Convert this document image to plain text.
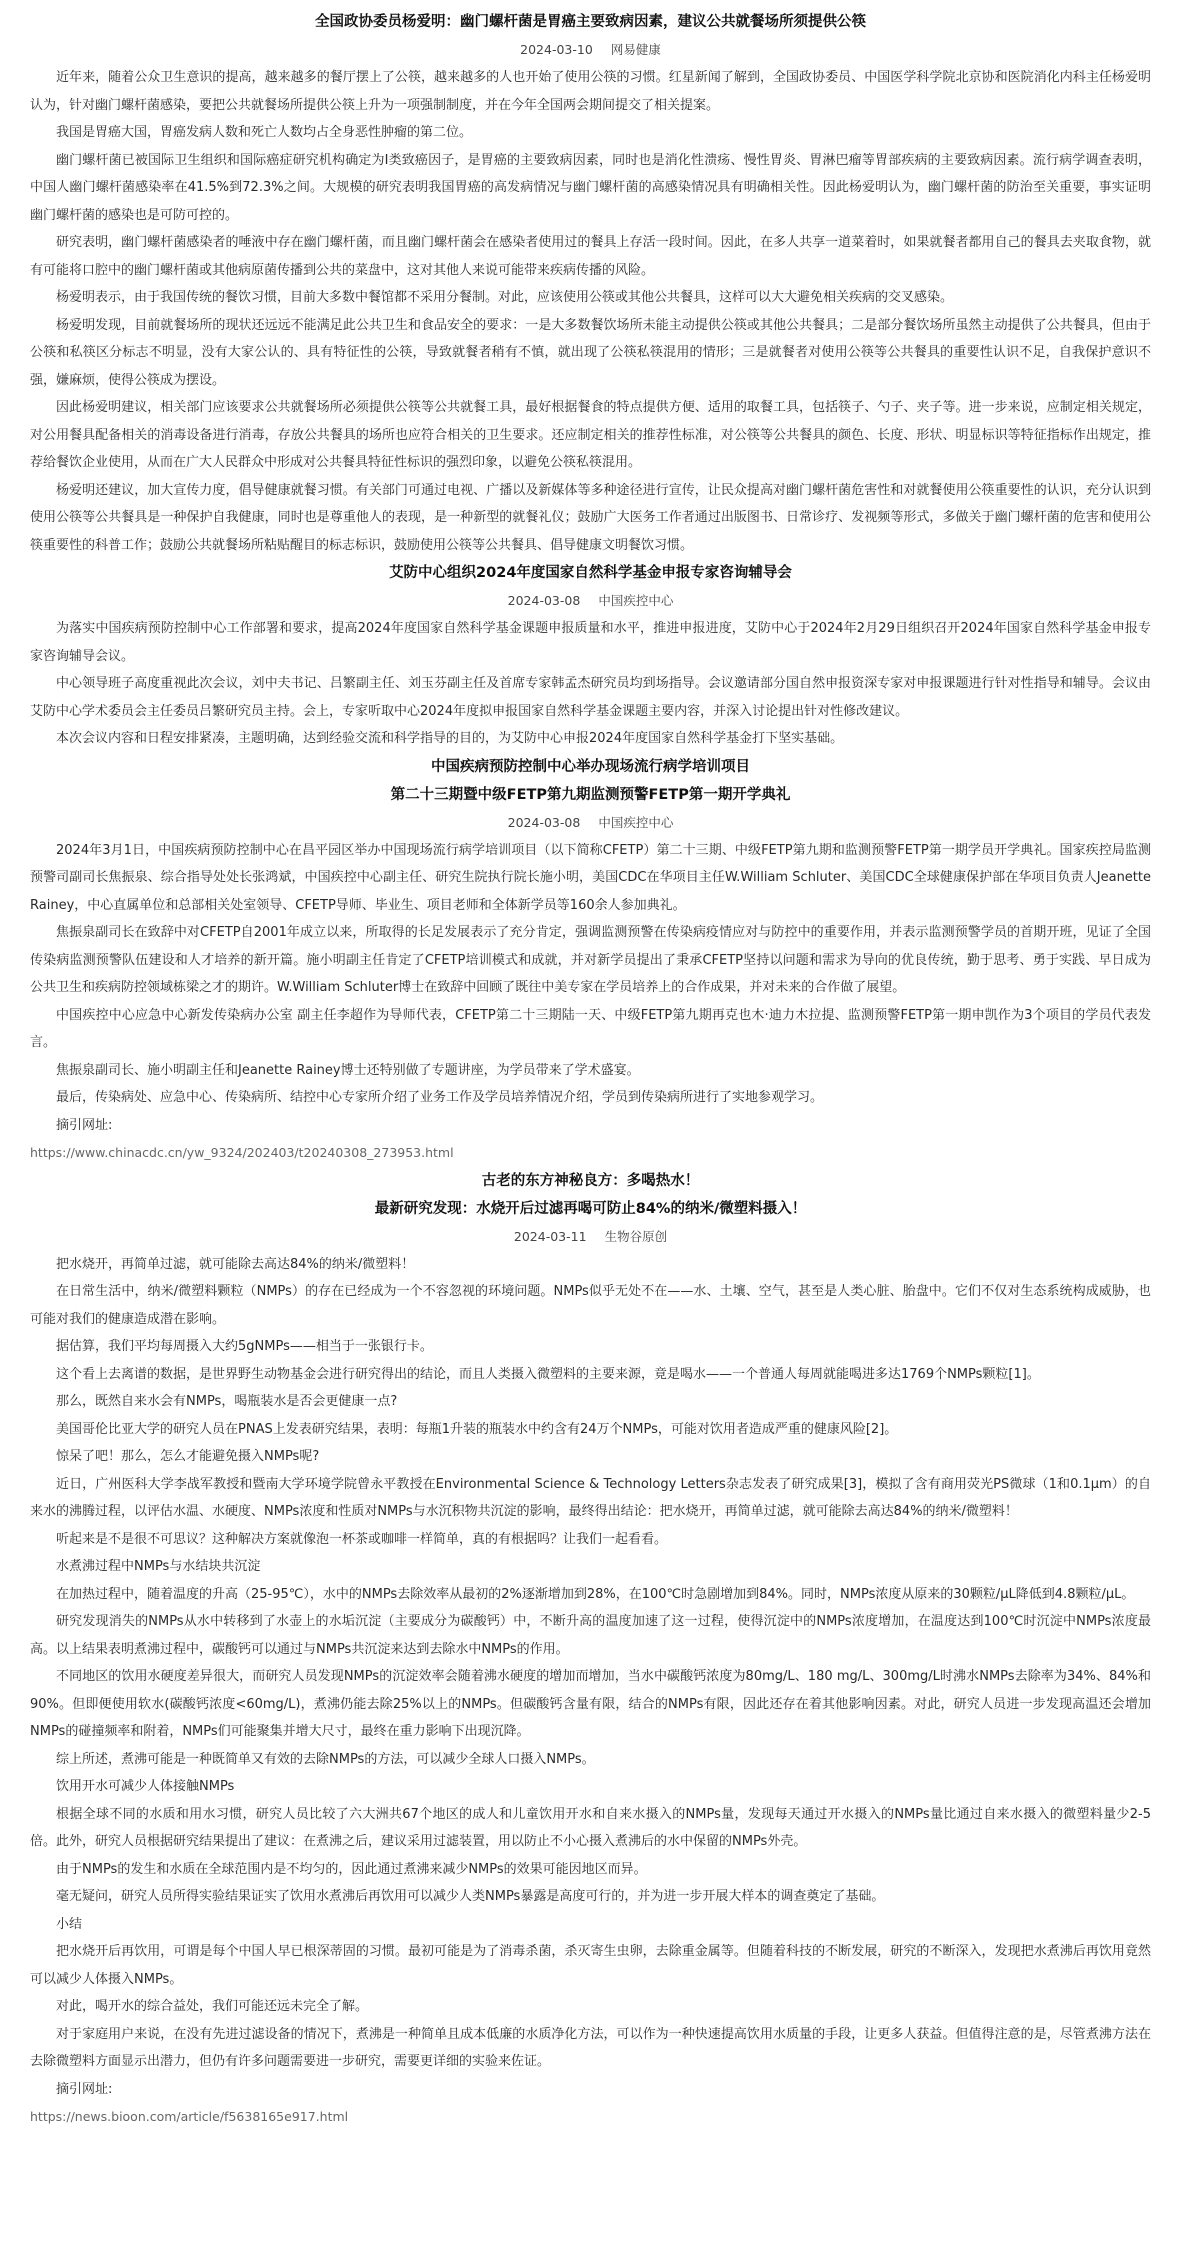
全国政协委员杨爱明：幽门螺杆菌是胃癌主要致病因素，建议公共就餐场所须提供公筷
2024-03-10 网易健康

近年来，随着公众卫生意识的提高，越来越多的餐厅摆上了公筷，越来越多的人也开始了使用公筷的习惯。红星新闻了解到，全国政协委员、中国医学科学院北京协和医院消化内科主任杨爱明认为，针对幽门螺杆菌感染，要把公共就餐场所提供公筷上升为一项强制制度，并在今年全国两会期间提交了相关提案。

我国是胃癌大国，胃癌发病人数和死亡人数均占全身恶性肿瘤的第二位。

幽门螺杆菌已被国际卫生组织和国际癌症研究机构确定为Ⅰ类致癌因子，是胃癌的主要致病因素，同时也是消化性溃疡、慢性胃炎、胃淋巴瘤等胃部疾病的主要致病因素。流行病学调查表明，中国人幽门螺杆菌感染率在41.5%到72.3%之间。大规模的研究表明我国胃癌的高发病情况与幽门螺杆菌的高感染情况具有明确相关性。因此杨爱明认为，幽门螺杆菌的防治至关重要，事实证明幽门螺杆菌的感染也是可防可控的。

研究表明，幽门螺杆菌感染者的唾液中存在幽门螺杆菌，而且幽门螺杆菌会在感染者使用过的餐具上存活一段时间。因此，在多人共享一道菜着时，如果就餐者都用自己的餐具去夹取食物，就有可能将口腔中的幽门螺杆菌或其他病原菌传播到公共的菜盘中，这对其他人来说可能带来疾病传播的风险。

杨爱明表示，由于我国传统的餐饮习惯，目前大多数中餐馆都不采用分餐制。对此，应该使用公筷或其他公共餐具，这样可以大大避免相关疾病的交叉感染。

杨爱明发现，目前就餐场所的现状还远远不能满足此公共卫生和食品安全的要求：一是大多数餐饮场所未能主动提供公筷或其他公共餐具；二是部分餐饮场所虽然主动提供了公共餐具，但由于公筷和私筷区分标志不明显，没有大家公认的、具有特征性的公筷，导致就餐者稍有不慎，就出现了公筷私筷混用的情形；三是就餐者对使用公筷等公共餐具的重要性认识不足，自我保护意识不强，嫌麻烦，使得公筷成为摆设。

因此杨爱明建议，相关部门应该要求公共就餐场所必须提供公筷等公共就餐工具，最好根据餐食的特点提供方便、适用的取餐工具，包括筷子、勺子、夹子等。进一步来说，应制定相关规定，对公用餐具配备相关的消毒设备进行消毒，存放公共餐具的场所也应符合相关的卫生要求。还应制定相关的推荐性标准，对公筷等公共餐具的颜色、长度、形状、明显标识等特征指标作出规定，推荐给餐饮企业使用，从而在广大人民群众中形成对公共餐具特征性标识的强烈印象，以避免公筷私筷混用。

杨爱明还建议，加大宣传力度，倡导健康就餐习惯。有关部门可通过电视、广播以及新媒体等多种途径进行宣传，让民众提高对幽门螺杆菌危害性和对就餐使用公筷重要性的认识，充分认识到使用公筷等公共餐具是一种保护自我健康，同时也是尊重他人的表现，是一种新型的就餐礼仪；鼓励广大医务工作者通过出版图书、日常诊疗、发视频等形式，多做关于幽门螺杆菌的危害和使用公筷重要性的科普工作；鼓励公共就餐场所粘贴醒目的标志标识，鼓励使用公筷等公共餐具、倡导健康文明餐饮习惯。

艾防中心组织2024年度国家自然科学基金申报专家咨询辅导会
2024-03-08 中国疾控中心

为落实中国疾病预防控制中心工作部署和要求，提高2024年度国家自然科学基金课题申报质量和水平，推进申报进度，艾防中心于2024年2月29日组织召开2024年国家自然科学基金申报专家咨询辅导会议。

中心领导班子高度重视此次会议，刘中夫书记、吕繁副主任、刘玉芬副主任及首席专家韩孟杰研究员均到场指导。会议邀请部分国自然申报资深专家对申报课题进行针对性指导和辅导。会议由艾防中心学术委员会主任委员吕繁研究员主持。会上，专家听取中心2024年度拟申报国家自然科学基金课题主要内容，并深入讨论提出针对性修改建议。

本次会议内容和日程安排紧凑，主题明确，达到经验交流和科学指导的目的，为艾防中心申报2024年度国家自然科学基金打下坚实基础。

中国疾病预防控制中心举办现场流行病学培训项目
第二十三期暨中级FETP第九期监测预警FETP第一期开学典礼
2024-03-08 中国疾控中心

2024年3月1日，中国疾病预防控制中心在昌平园区举办中国现场流行病学培训项目（以下简称CFETP）第二十三期、中级FETP第九期和监测预警FETP第一期学员开学典礼。国家疾控局监测预警司副司长焦振泉、综合指导处处长张鸿斌，中国疾控中心副主任、研究生院执行院长施小明，美国CDC在华项目主任W.William Schluter、美国CDC全球健康保护部在华项目负责人Jeanette Rainey，中心直属单位和总部相关处室领导、CFETP导师、毕业生、项目老师和全体新学员等160余人参加典礼。

焦振泉副司长在致辞中对CFETP自2001年成立以来，所取得的长足发展表示了充分肯定，强调监测预警在传染病疫情应对与防控中的重要作用，并表示监测预警学员的首期开班，见证了全国传染病监测预警队伍建设和人才培养的新开篇。施小明副主任肯定了CFETP培训模式和成就，并对新学员提出了秉承CFETP坚持以问题和需求为导向的优良传统，勤于思考、勇于实践、早日成为公共卫生和疾病防控领域栋梁之才的期许。W.William Schluter博士在致辞中回顾了既往中美专家在学员培养上的合作成果，并对未来的合作做了展望。

中国疾控中心应急中心新发传染病办公室 副主任李超作为导师代表，CFETP第二十三期陆一天、中级FETP第九期再克也木·迪力木拉提、监测预警FETP第一期申凯作为3个项目的学员代表发言。

焦振泉副司长、施小明副主任和Jeanette Rainey博士还特别做了专题讲座，为学员带来了学术盛宴。

最后，传染病处、应急中心、传染病所、结控中心专家所介绍了业务工作及学员培养情况介绍，学员到传染病所进行了实地参观学习。

摘引网址:

https://www.chinacdc.cn/yw_9324/202403/t20240308_273953.html
古老的东方神秘良方：多喝热水！
最新研究发现：水烧开后过滤再喝可防止84%的纳米/微塑料摄入！
2024-03-11 生物谷原创

把水烧开，再简单过滤，就可能除去高达84%的纳米/微塑料！

在日常生活中，纳米/微塑料颗粒（NMPs）的存在已经成为一个不容忽视的环境问题。NMPs似乎无处不在——水、土壤、空气，甚至是人类心脏、胎盘中。它们不仅对生态系统构成威胁，也可能对我们的健康造成潜在影响。

据估算，我们平均每周摄入大约5gNMPs——相当于一张银行卡。

这个看上去离谱的数据，是世界野生动物基金会进行研究得出的结论，而且人类摄入微塑料的主要来源，竟是喝水——一个普通人每周就能喝进多达1769个NMPs颗粒[1]。

那么，既然自来水会有NMPs，喝瓶装水是否会更健康一点?

美国哥伦比亚大学的研究人员在PNAS上发表研究结果，表明：每瓶1升装的瓶装水中约含有24万个NMPs，可能对饮用者造成严重的健康风险[2]。

惊呆了吧！那么，怎么才能避免摄入NMPs呢?

近日，广州医科大学李战军教授和暨南大学环境学院曾永平教授在Environmental Science & Technology Letters杂志发表了研究成果[3]，模拟了含有商用荧光PS微球（1和0.1μm）的自来水的沸腾过程，以评估水温、水硬度、NMPs浓度和性质对NMPs与水沉积物共沉淀的影响，最终得出结论：把水烧开，再简单过滤，就可能除去高达84%的纳米/微塑料！

听起来是不是很不可思议？这种解决方案就像泡一杯茶或咖啡一样简单，真的有根据吗？让我们一起看看。

水煮沸过程中NMPs与水结块共沉淀

在加热过程中，随着温度的升高（25-95℃），水中的NMPs去除效率从最初的2%逐渐增加到28%，在100℃时急剧增加到84%。同时，NMPs浓度从原来的30颗粒/μL降低到4.8颗粒/μL。

研究发现消失的NMPs从水中转移到了水壶上的水垢沉淀（主要成分为碳酸钙）中，不断升高的温度加速了这一过程，使得沉淀中的NMPs浓度增加，在温度达到100℃时沉淀中NMPs浓度最高。以上结果表明煮沸过程中，碳酸钙可以通过与NMPs共沉淀来达到去除水中NMPs的作用。

不同地区的饮用水硬度差异很大，而研究人员发现NMPs的沉淀效率会随着沸水硬度的增加而增加，当水中碳酸钙浓度为80mg/L、180 mg/L、300mg/L时沸水NMPs去除率为34%、84%和90%。但即便使用软水(碳酸钙浓度<60mg/L)，煮沸仍能去除25%以上的NMPs。但碳酸钙含量有限，结合的NMPs有限，因此还存在着其他影响因素。对此，研究人员进一步发现高温还会增加NMPs的碰撞频率和附着，NMPs们可能聚集并增大尺寸，最终在重力影响下出现沉降。

综上所述，煮沸可能是一种既简单又有效的去除NMPs的方法，可以减少全球人口摄入NMPs。

饮用开水可减少人体接触NMPs

根据全球不同的水质和用水习惯，研究人员比较了六大洲共67个地区的成人和儿童饮用开水和自来水摄入的NMPs量，发现每天通过开水摄入的NMPs量比通过自来水摄入的微塑料量少2-5倍。此外，研究人员根据研究结果提出了建议：在煮沸之后，建议采用过滤装置，用以防止不小心摄入煮沸后的水中保留的NMPs外壳。

由于NMPs的发生和水质在全球范围内是不均匀的，因此通过煮沸来减少NMPs的效果可能因地区而异。

毫无疑问，研究人员所得实验结果证实了饮用水煮沸后再饮用可以减少人类NMPs暴露是高度可行的，并为进一步开展大样本的调查奠定了基础。

小结

把水烧开后再饮用，可谓是每个中国人早已根深蒂固的习惯。最初可能是为了消毒杀菌，杀灭寄生虫卵，去除重金属等。但随着科技的不断发展，研究的不断深入，发现把水煮沸后再饮用竟然可以减少人体摄入NMPs。

对此，喝开水的综合益处，我们可能还远未完全了解。

对于家庭用户来说，在没有先进过滤设备的情况下，煮沸是一种简单且成本低廉的水质净化方法，可以作为一种快速提高饮用水质量的手段，让更多人获益。但值得注意的是，尽管煮沸方法在去除微塑料方面显示出潜力，但仍有许多问题需要进一步研究，需要更详细的实验来佐证。

摘引网址:

https://news.bioon.com/article/f5638165e917.html
